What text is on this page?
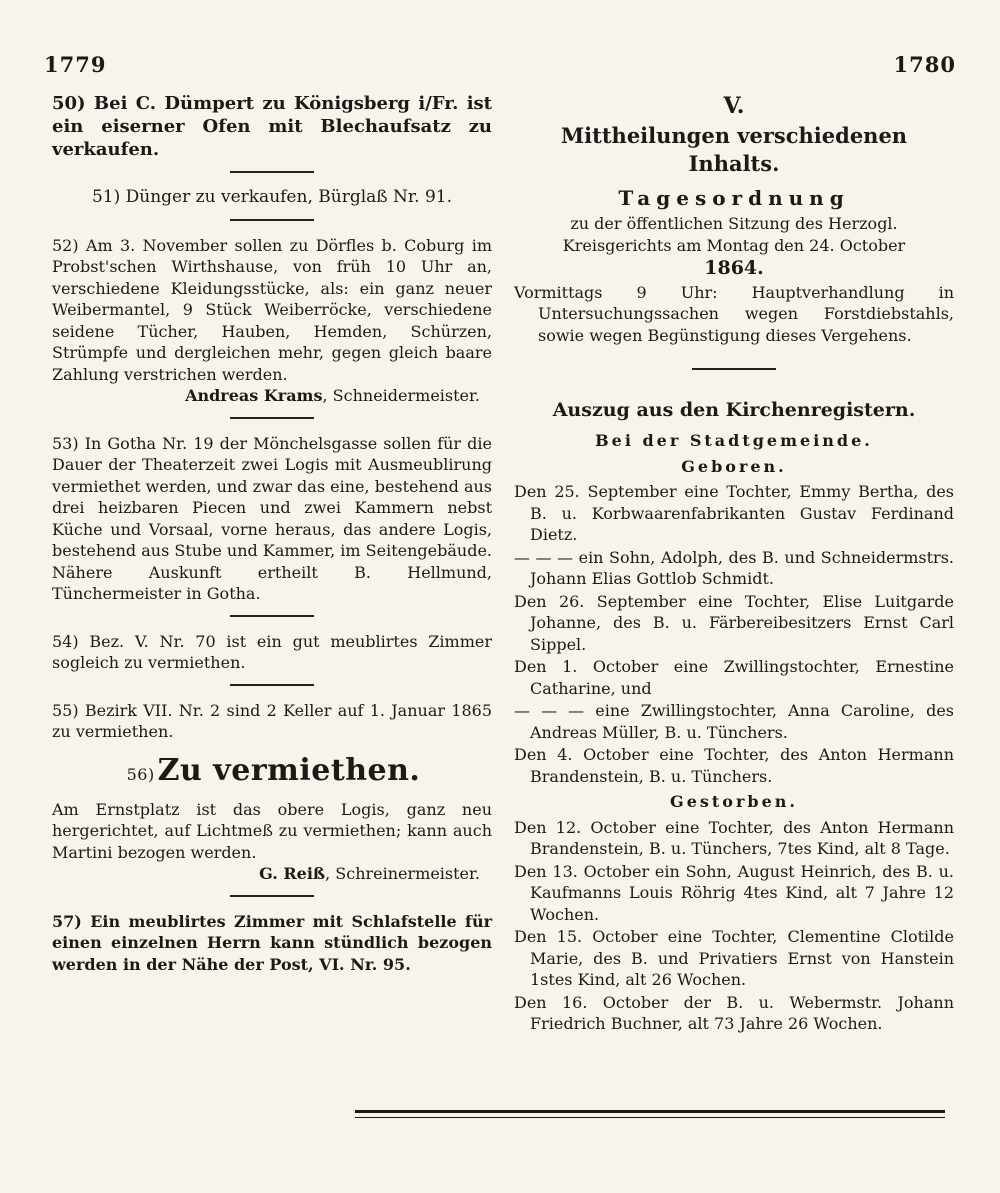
1779	1780

50) Bei C. Dümpert zu Königsberg i/Fr. ist ein eiserner Ofen mit Blechaufsatz zu verkaufen.

51) Dünger zu verkaufen, Bürglaß Nr. 91.

52) Am 3. November sollen zu Dörfles b. Coburg im Probst'schen Wirthshause, von früh 10 Uhr an, verschiedene Kleidungsstücke, als: ein ganz neuer Weibermantel, 9 Stück Weiberröcke, verschiedene seidene Tücher, Hauben, Hemden, Schürzen, Strümpfe und dergleichen mehr, gegen gleich baare Zahlung verstrichen werden.

Andreas Krams, Schneidermeister.

53) In Gotha Nr. 19 der Mönchelsgasse sollen für die Dauer der Theaterzeit zwei Logis mit Ausmeublirung vermiethet werden, und zwar das eine, bestehend aus drei heizbaren Piecen und zwei Kammern nebst Küche und Vorsaal, vorne heraus, das andere Logis, bestehend aus Stube und Kammer, im Seitengebäude. Nähere Auskunft ertheilt B. Hellmund, Tünchermeister in Gotha.

54) Bez. V. Nr. 70 ist ein gut meublirtes Zimmer sogleich zu vermiethen.

55) Bezirk VII. Nr. 2 sind 2 Keller auf 1. Januar 1865 zu vermiethen.

56)Zu vermiethen.

Am Ernstplatz ist das obere Logis, ganz neu hergerichtet, auf Lichtmeß zu vermiethen; kann auch Martini bezogen werden.

G. Reiß, Schreinermeister.

57) Ein meublirtes Zimmer mit Schlafstelle für einen einzelnen Herrn kann stündlich bezogen werden in der Nähe der Post, VI. Nr. 95.

V.
Mittheilungen verschiedenen Inhalts.
Tagesordnung

zu der öffentlichen Sitzung des Herzogl. Kreisgerichts am Montag den 24. October

1864.

Vormittags 9 Uhr: Hauptverhandlung in Untersuchungssachen wegen Forstdiebstahls, sowie wegen Begünstigung dieses Vergehens.

Auszug aus den Kirchenregistern.
Bei der Stadtgemeinde.
Geboren.

Den 25. September eine Tochter, Emmy Bertha, des B. u. Korbwaarenfabrikanten Gustav Ferdinand Dietz.

— — — ein Sohn, Adolph, des B. und Schneidermstrs. Johann Elias Gottlob Schmidt.

Den 26. September eine Tochter, Elise Luitgarde Johanne, des B. u. Färbereibesitzers Ernst Carl Sippel.

Den 1. October eine Zwillingstochter, Ernestine Catharine, und

— — — eine Zwillingstochter, Anna Caroline, des Andreas Müller, B. u. Tünchers.

Den 4. October eine Tochter, des Anton Hermann Brandenstein, B. u. Tünchers.

Gestorben.

Den 12. October eine Tochter, des Anton Hermann Brandenstein, B. u. Tünchers, 7tes Kind, alt 8 Tage.

Den 13. October ein Sohn, August Heinrich, des B. u. Kaufmanns Louis Röhrig 4tes Kind, alt 7 Jahre 12 Wochen.

Den 15. October eine Tochter, Clementine Clotilde Marie, des B. und Privatiers Ernst von Hanstein 1stes Kind, alt 26 Wochen.

Den 16. October der B. u. Webermstr. Johann Friedrich Buchner, alt 73 Jahre 26 Wochen.
